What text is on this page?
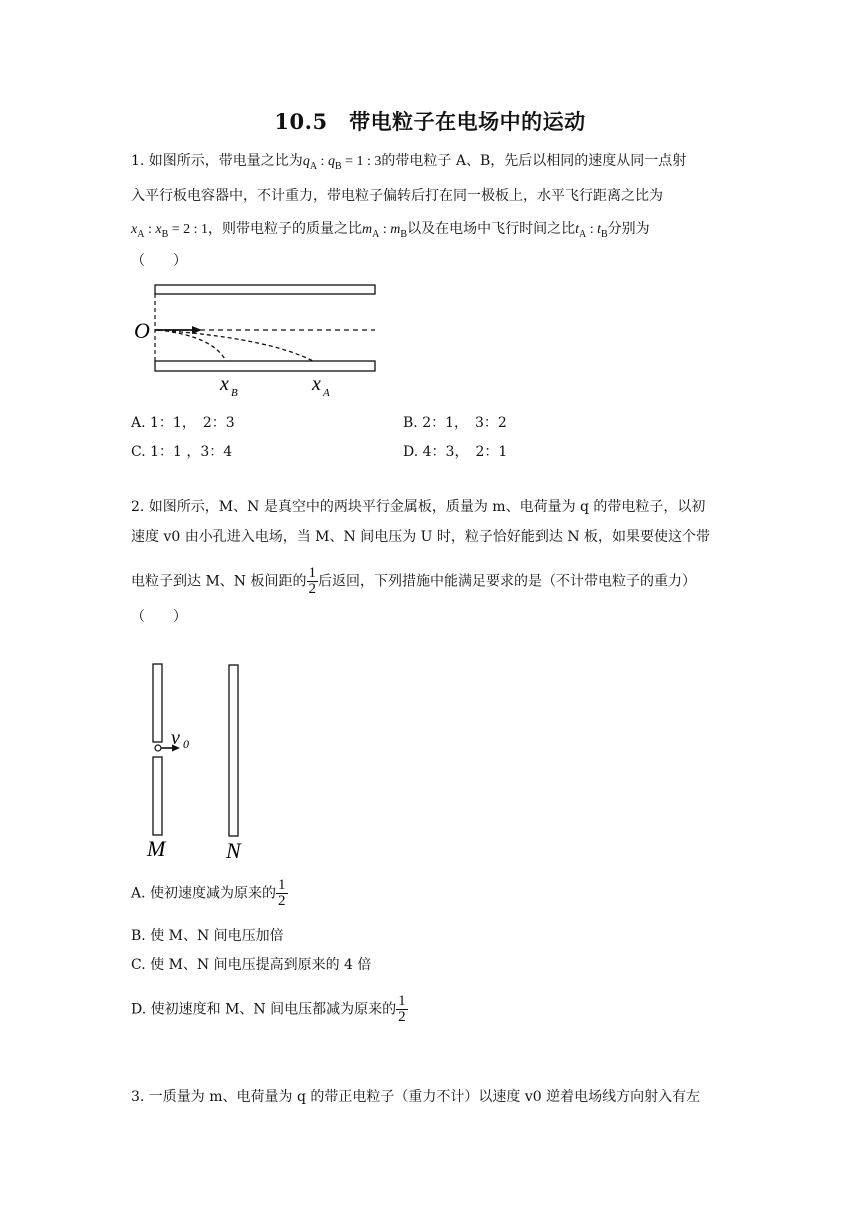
10.5　带电粒子在电场中的运动
1. 如图所示，带电量之比为$q_A$ : $q_B = 1$ : 3的带电粒子 A、B，先后以相同的速度从同一点射
入平行板电容器中，不计重力，带电粒子偏转后打在同一极板上，水平飞行距离之比为
$x_A$ : $x_B = 2$ : 1，则带电粒子的质量之比$m_A$ : $m_B$以及在电场中飞行时间之比$t_A$ : $t_B$分别为
（　　）
O
x B	x A
A. 1：1，　2：3	B. 2：1，　3：2
C. 1：1 ，3：4	D. 4：3，　2：1
2. 如图所示，M、N 是真空中的两块平行金属板，质量为 m、电荷量为 q 的带电粒子，以初
速度 v0 由小孔进入电场，当 M、N 间电压为 U 时，粒子恰好能到达 N 板，如果要使这个带
电粒子到达 M、N 板间距的 $\frac{1}{2}$ 后返回，下列措施中能满足要求的是（不计带电粒子的重力）
（　　）
v 0
M	N
A. 使初速度减为原来的 $\frac{1}{2}$
B. 使 M、N 间电压加倍
C. 使 M、N 间电压提高到原来的 4 倍
D. 使初速度和 M、N 间电压都减为原来的 $\frac{1}{2}$
3. 一质量为 m、电荷量为 q 的带正电粒子（重力不计）以速度 v0 逆着电场线方向射入有左
